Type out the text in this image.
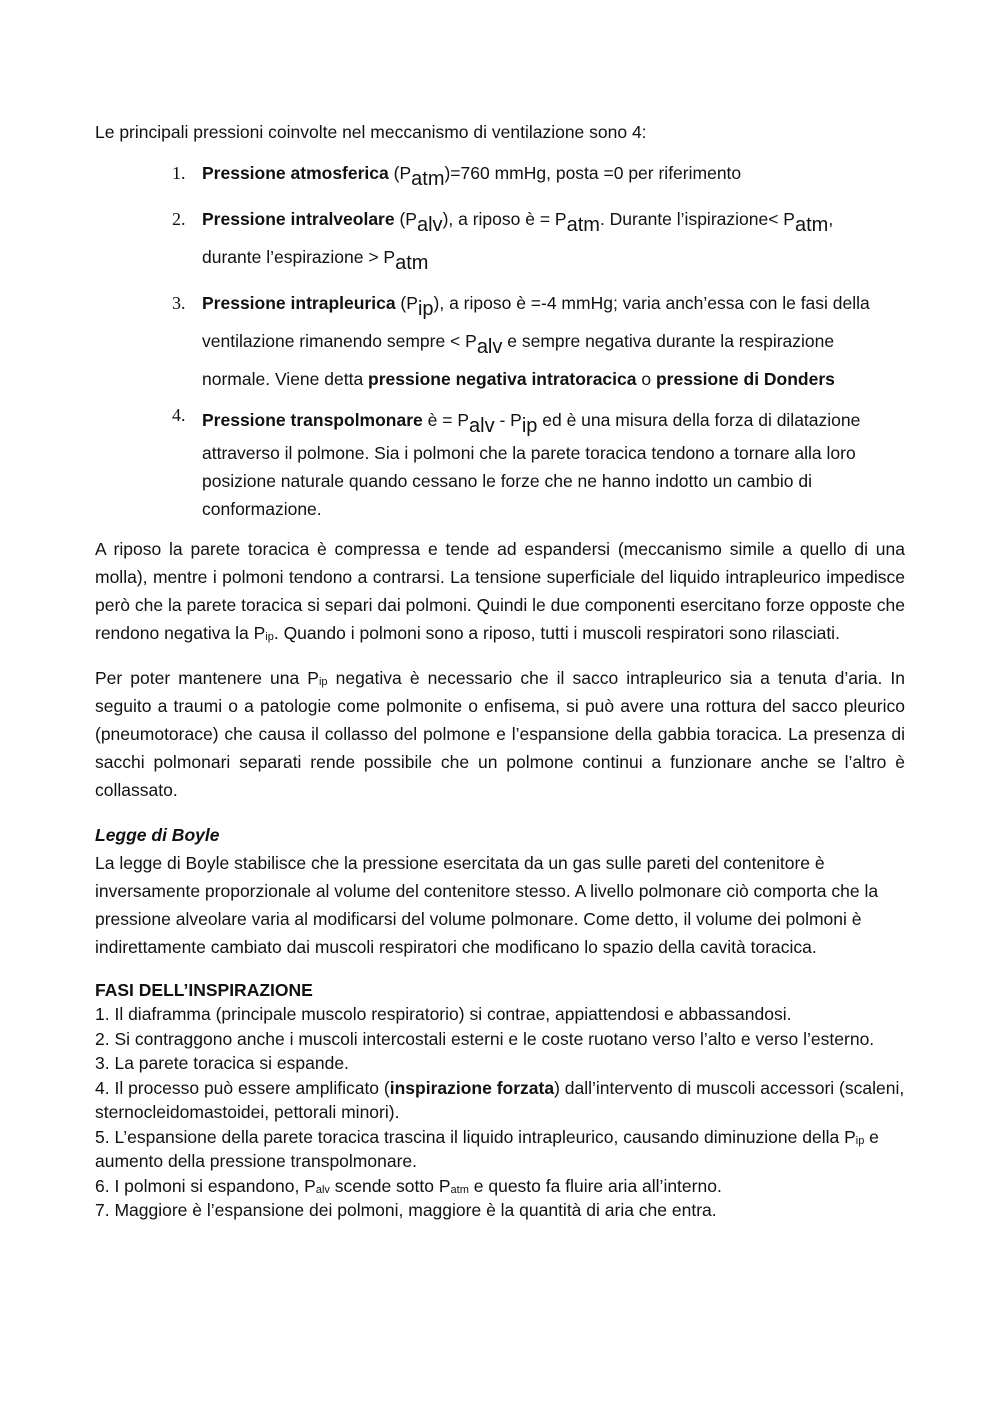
Le principali pressioni coinvolte nel meccanismo di ventilazione sono 4:

1. Pressione atmosferica (Patm)=760 mmHg, posta =0 per riferimento
2. Pressione intralveolare (Palv), a riposo è = Patm. Durante l’ispirazione< Patm,
durante l’espirazione > Patm
3. Pressione intrapleurica (Pip), a riposo è =-4 mmHg; varia anch’essa con le fasi della
ventilazione rimanendo sempre < Palv e sempre negativa durante la respirazione
normale. Viene detta pressione negativa intratoracica o pressione di Donders
4. Pressione transpolmonare è = Palv - Pip ed è una misura della forza di dilatazione
attraverso il polmone. Sia i polmoni che la parete toracica tendono a tornare alla loro posizione naturale quando cessano le forze che ne hanno indotto un cambio di conformazione.

A riposo la parete toracica è compressa e tende ad espandersi (meccanismo simile a quello di una molla), mentre i polmoni tendono a contrarsi. La tensione superficiale del liquido intrapleurico impedisce però che la parete toracica si separi dai polmoni. Quindi le due componenti esercitano forze opposte che rendono negativa la Pip. Quando i polmoni sono a riposo, tutti i muscoli respiratori sono rilasciati.

Per poter mantenere una Pip negativa è necessario che il sacco intrapleurico sia a tenuta d’aria. In seguito a traumi o a patologie come polmonite o enfisema, si può avere una rottura del sacco pleurico (pneumotorace) che causa il collasso del polmone e l’espansione della gabbia toracica. La presenza di sacchi polmonari separati rende possibile che un polmone continui a funzionare anche se l’altro è collassato.

Legge di Boyle

La legge di Boyle stabilisce che la pressione esercitata da un gas sulle pareti del contenitore è inversamente proporzionale al volume del contenitore stesso. A livello polmonare ciò comporta che la pressione alveolare varia al modificarsi del volume polmonare. Come detto, il volume dei polmoni è indirettamente cambiato dai muscoli respiratori che modificano lo spazio della cavità toracica.

FASI DELL’INSPIRAZIONE

1. Il diaframma (principale muscolo respiratorio) si contrae, appiattendosi e abbassandosi.

2. Si contraggono anche i muscoli intercostali esterni e le coste ruotano verso l’alto e verso l’esterno.

3. La parete toracica si espande.

4. Il processo può essere amplificato (inspirazione forzata) dall’intervento di muscoli accessori (scaleni, sternocleidomastoidei, pettorali minori).

5. L’espansione della parete toracica trascina il liquido intrapleurico, causando diminuzione della Pip e aumento della pressione transpolmonare.

6. I polmoni si espandono, Palv scende sotto Patm e questo fa fluire aria all’interno.

7. Maggiore è l’espansione dei polmoni, maggiore è la quantità di aria che entra.
